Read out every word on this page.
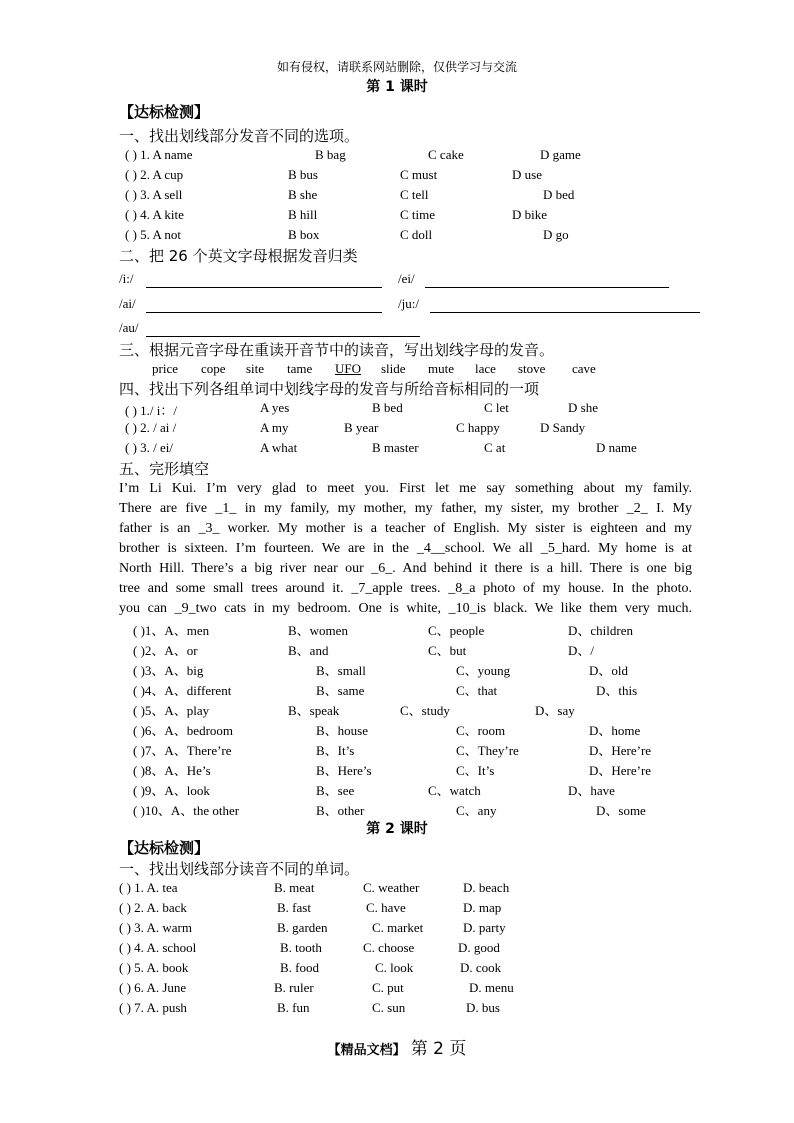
如有侵权，请联系网站删除，仅供学习与交流
第 1 课时
【达标检测】
一、找出划线部分发音不同的选项。
( ) 1. A name	B bag	C cake	D game
( ) 2. A cup	B bus	C must	D use
( ) 3. A sell	B she	C tell	D bed
( ) 4. A kite	B hill	C time	D bike
( ) 5. A not	B box	C doll	D go
二、把 26 个英文字母根据发音归类
/i:/	/ei/
/ai/	/ju:/
/au/
三、根据元音字母在重读开音节中的读音，写出划线字母的发音。
price cope site tame UFO slide mute lace stove cave
四、找出下列各组单词中划线字母的发音与所给音标相同的一项
( ) 1./ i：/	A yes	B bed	C let	D she
( ) 2. / ai /	A my	B year	C happy	D Sandy
( ) 3. / ei/	A what	B master	C at	D name
五、完形填空
I’m Li Kui. I’m very glad to meet you. First let me say something about my family.
There are five _1_ in my family, my mother, my father, my sister, my brother _2_ I. My
father is an _3_ worker. My mother is a teacher of English. My sister is eighteen and my
brother is sixteen. I’m fourteen. We are in the _4__school. We all _5_hard. My home is at
North Hill. There’s a big river near our _6_. And behind it there is a hill. There is one big
tree and some small trees around it. _7_apple trees. _8_a photo of my house. In the photo.
you can _9_two cats in my bedroom. One is white, _10_is black. We like them very much.
( )1、A、men	B、women	C、people	D、children
( )2、A、or	B、and	C、but	D、/
( )3、A、big	B、small	C、young	D、old
( )4、A、different	B、same	C、that	D、this
( )5、A、play	B、speak	C、study	D、say
( )6、A、bedroom	B、house	C、room	D、home
( )7、A、There’re	B、It’s	C、They’re	D、Here’re
( )8、A、He’s	B、Here’s	C、It’s	D、Here’re
( )9、A、look	B、see	C、watch	D、have
( )10、A、the other	B、other	C、any	D、some
第 2 课时
【达标检测】
一、找出划线部分读音不同的单词。
( ) 1. A. tea	B. meat	C. weather	D. beach
( ) 2. A. back	B. fast	C. have	D. map
( ) 3. A. warm	B. garden	C. market	D. party
( ) 4. A. school	B. tooth	C. choose	D. good
( ) 5. A. book	B. food	C. look	D. cook
( ) 6. A. June	B. ruler	C. put	D. menu
( ) 7. A. push	B. fun	C. sun	D. bus
【精品文档】 第 2 页
